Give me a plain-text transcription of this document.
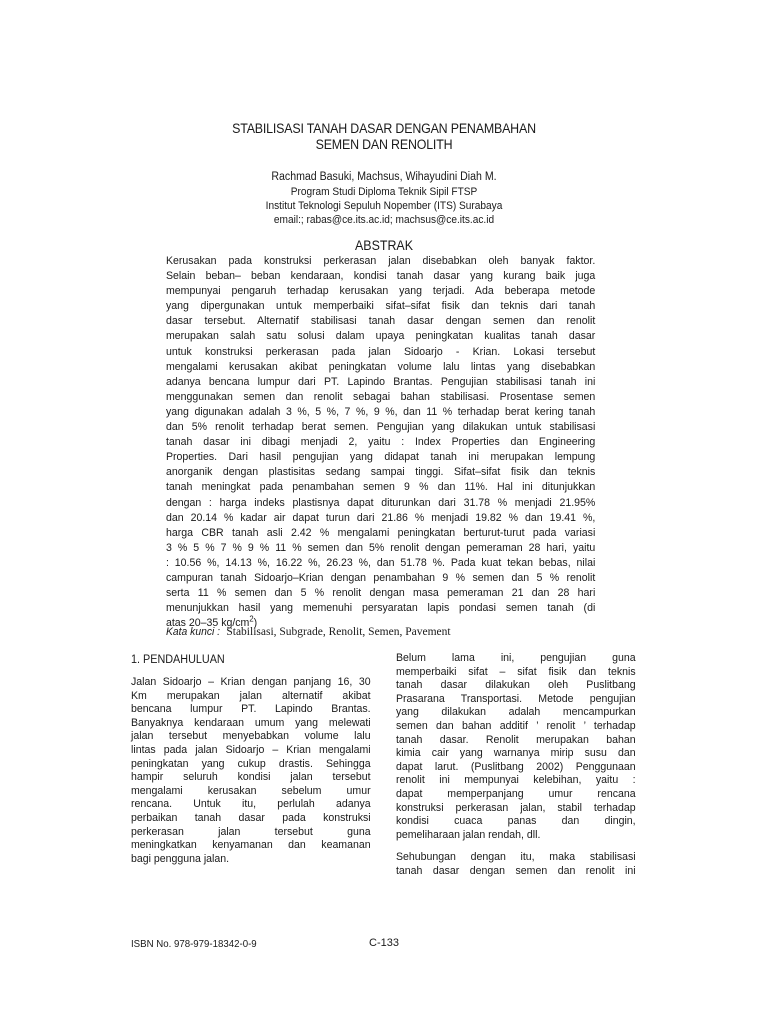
STABILISASI TANAH DASAR DENGAN PENAMBAHAN
SEMEN DAN RENOLITH
Rachmad Basuki, Machsus, Wihayudini Diah M.
Program Studi Diploma Teknik Sipil FTSP
Institut Teknologi Sepuluh Nopember (ITS) Surabaya
email:; rabas@ce.its.ac.id; machsus@ce.its.ac.id
ABSTRAK
Kerusakan pada konstruksi perkerasan jalan disebabkan oleh banyak faktor.
Selain beban– beban kendaraan, kondisi tanah dasar yang kurang baik juga
mempunyai pengaruh terhadap kerusakan yang terjadi. Ada beberapa metode
yang dipergunakan untuk memperbaiki sifat–sifat fisik dan teknis dari tanah
dasar tersebut. Alternatif stabilisasi tanah dasar dengan semen dan renolit
merupakan salah satu solusi dalam upaya peningkatan kualitas tanah dasar
untuk konstruksi perkerasan pada jalan Sidoarjo - Krian. Lokasi tersebut
mengalami kerusakan akibat peningkatan volume lalu lintas yang disebabkan
adanya bencana lumpur dari PT. Lapindo Brantas. Pengujian stabilisasi tanah ini
menggunakan semen dan renolit sebagai bahan stabilisasi. Prosentase semen
yang digunakan adalah 3 %, 5 %, 7 %, 9 %, dan 11 % terhadap berat kering tanah
dan 5% renolit terhadap berat semen. Pengujian yang dilakukan untuk stabilisasi
tanah dasar ini dibagi menjadi 2, yaitu : Index Properties dan Engineering
Properties. Dari hasil pengujian yang didapat tanah ini merupakan lempung
anorganik dengan plastisitas sedang sampai tinggi. Sifat–sifat fisik dan teknis
tanah meningkat pada penambahan semen 9 % dan 11%. Hal ini ditunjukkan
dengan : harga indeks plastisnya dapat diturunkan dari 31.78 % menjadi 21.95%
dan 20.14 % kadar air dapat turun dari 21.86 % menjadi 19.82 % dan 19.41 %,
harga CBR tanah asli 2.42 % mengalami peningkatan berturut-turut pada variasi
3 % 5 % 7 % 9 % 11 % semen dan 5% renolit dengan pemeraman 28 hari, yaitu
: 10.56 %, 14.13 %, 16.22 %, 26.23 %, dan 51.78 %. Pada kuat tekan bebas, nilai
campuran tanah Sidoarjo–Krian dengan penambahan 9 % semen dan 5 % renolit
serta 11 % semen dan 5 % renolit dengan masa pemeraman 21 dan 28 hari
menunjukkan hasil yang memenuhi persyaratan lapis pondasi semen tanah (di
atas 20–35 $kg/cm^2$)
Kata kunci : Stabilisasi, Subgrade, Renolit, Semen, Pavement
1. PENDAHULUAN
Jalan Sidoarjo – Krian dengan panjang 16, 30
Km merupakan jalan alternatif akibat
bencana lumpur PT. Lapindo Brantas.
Banyaknya kendaraan umum yang melewati
jalan tersebut menyebabkan volume lalu
lintas pada jalan Sidoarjo – Krian mengalami
peningkatan yang cukup drastis. Sehingga
hampir seluruh kondisi jalan tersebut
mengalami kerusakan sebelum umur
rencana. Untuk itu, perlulah adanya
perbaikan tanah dasar pada konstruksi
perkerasan jalan tersebut guna
meningkatkan kenyamanan dan keamanan
bagi pengguna jalan.
Belum lama ini, pengujian guna
memperbaiki sifat – sifat fisik dan teknis
tanah dasar dilakukan oleh Puslitbang
Prasarana Transportasi. Metode pengujian
yang dilakukan adalah mencampurkan
semen dan bahan additif ’ renolit ’ terhadap
tanah dasar. Renolit merupakan bahan
kimia cair yang warnanya mirip susu dan
dapat larut. (Puslitbang 2002) Penggunaan
renolit ini mempunyai kelebihan, yaitu :
dapat memperpanjang umur rencana
konstruksi perkerasan jalan, stabil terhadap
kondisi cuaca panas dan dingin,
pemeliharaan jalan rendah, dll.
Sehubungan dengan itu, maka stabilisasi
tanah dasar dengan semen dan renolit ini
ISBN No. 978-979-18342-0-9	C-133
